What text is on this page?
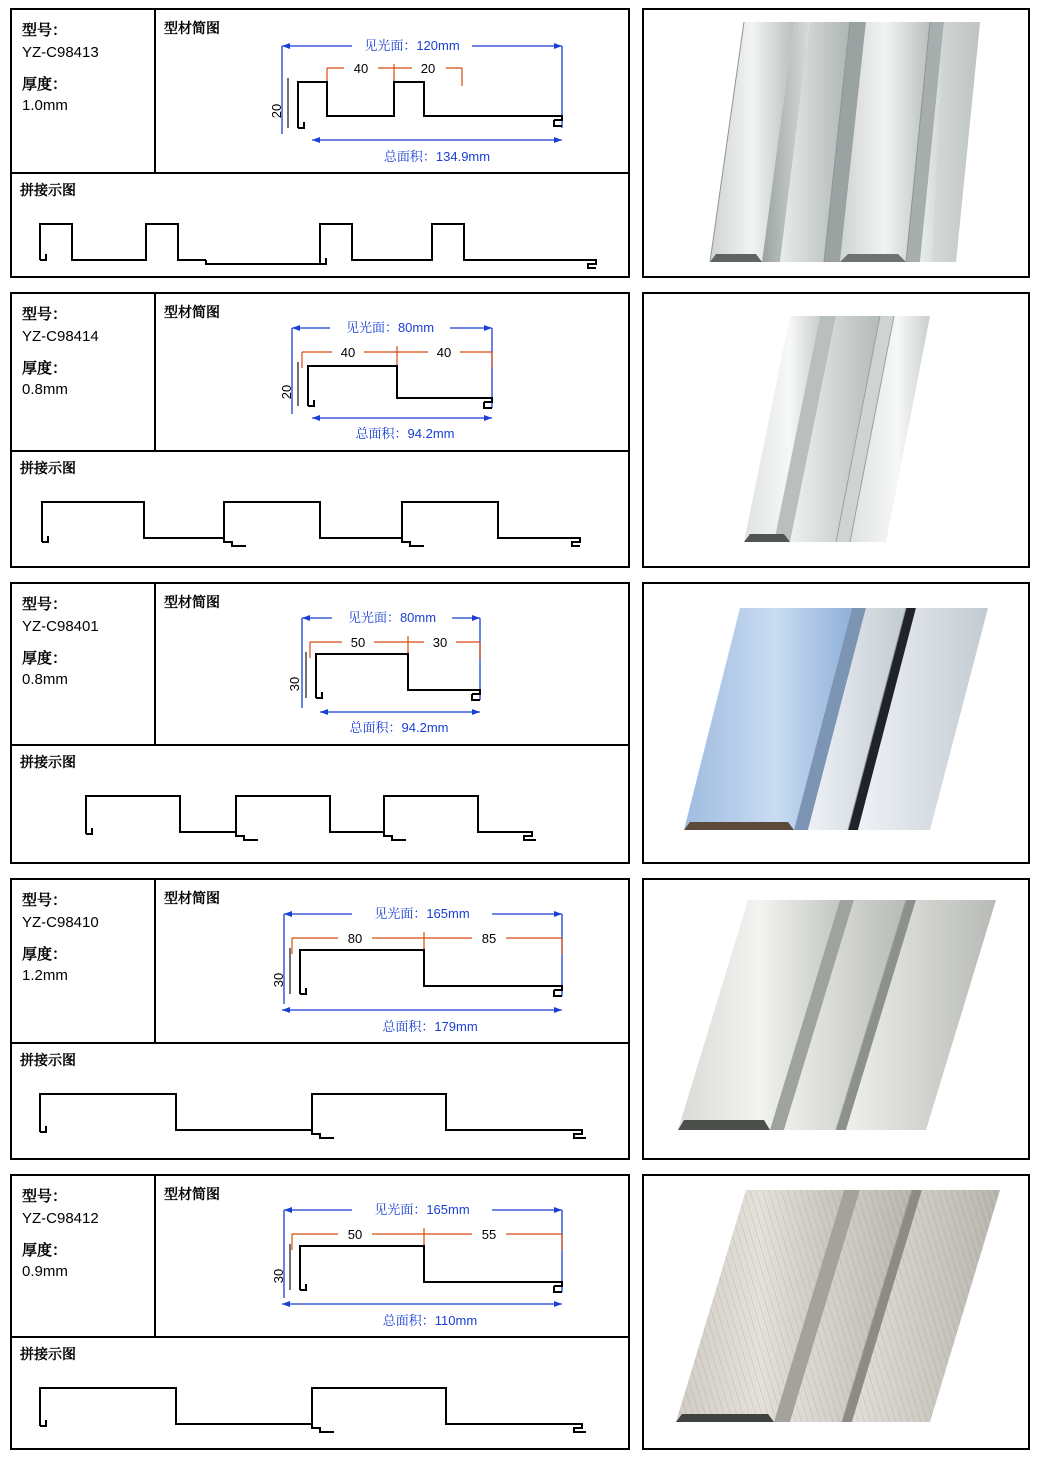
型号：
YZ-C98413
厚度：
1.0mm
型材简图
见光面：120mm
40	20
20
总面积：134.9mm
拼接示图
型号：
YZ-C98414
厚度：
0.8mm
型材简图
见光面：80mm
40	40
20
总面积：94.2mm
拼接示图
型号：
YZ-C98401
厚度：
0.8mm
型材简图
见光面：80mm
50	30
30
总面积：94.2mm
拼接示图
型号：
YZ-C98410
厚度：
1.2mm
型材简图
见光面：165mm
80	85
30
总面积：179mm
拼接示图
型号：
YZ-C98412
厚度：
0.9mm
型材简图
见光面：165mm
50	55
30
总面积：110mm
拼接示图
